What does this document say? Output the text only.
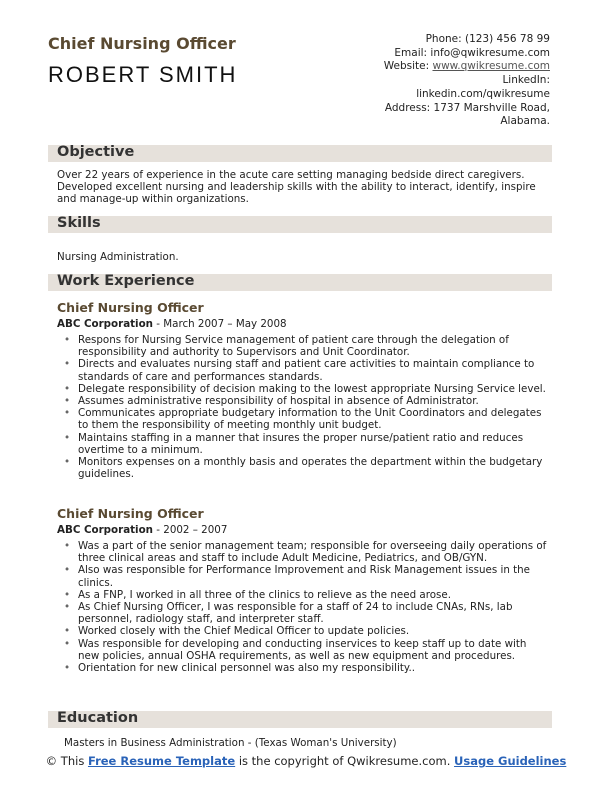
Chief Nursing Officer
ROBERT SMITH
Phone: (123) 456 78 99
Email: info@qwikresume.com
Website: www.qwikresume.com
LinkedIn:
linkedin.com/qwikresume
Address: 1737 Marshville Road,
Alabama.
Objective
Over 22 years of experience in the acute care setting managing bedside direct caregivers. Developed excellent nursing and leadership skills with the ability to interact, identify, inspire and manage-up within organizations.
Skills
Nursing Administration.
Work Experience
Chief Nursing Officer
ABC Corporation - March 2007 – May 2008
• Respons for Nursing Service management of patient care through the delegation of responsibility and authority to Supervisors and Unit Coordinator.
• Directs and evaluates nursing staff and patient care activities to maintain compliance to standards of care and performances standards.
• Delegate responsibility of decision making to the lowest appropriate Nursing Service level.
• Assumes administrative responsibility of hospital in absence of Administrator.
• Communicates appropriate budgetary information to the Unit Coordinators and delegates to them the responsibility of meeting monthly unit budget.
• Maintains staffing in a manner that insures the proper nurse/patient ratio and reduces overtime to a minimum.
• Monitors expenses on a monthly basis and operates the department within the budgetary guidelines.
Chief Nursing Officer
ABC Corporation - 2002 – 2007
• Was a part of the senior management team; responsible for overseeing daily operations of three clinical areas and staff to include Adult Medicine, Pediatrics, and OB/GYN.
• Also was responsible for Performance Improvement and Risk Management issues in the clinics.
• As a FNP, I worked in all three of the clinics to relieve as the need arose.
• As Chief Nursing Officer, I was responsible for a staff of 24 to include CNAs, RNs, lab personnel, radiology staff, and interpreter staff.
• Worked closely with the Chief Medical Officer to update policies.
• Was responsible for developing and conducting inservices to keep staff up to date with new policies, annual OSHA requirements, as well as new equipment and procedures.
• Orientation for new clinical personnel was also my responsibility..
Education
Masters in Business Administration - (Texas Woman's University)
© This Free Resume Template is the copyright of Qwikresume.com. Usage Guidelines
